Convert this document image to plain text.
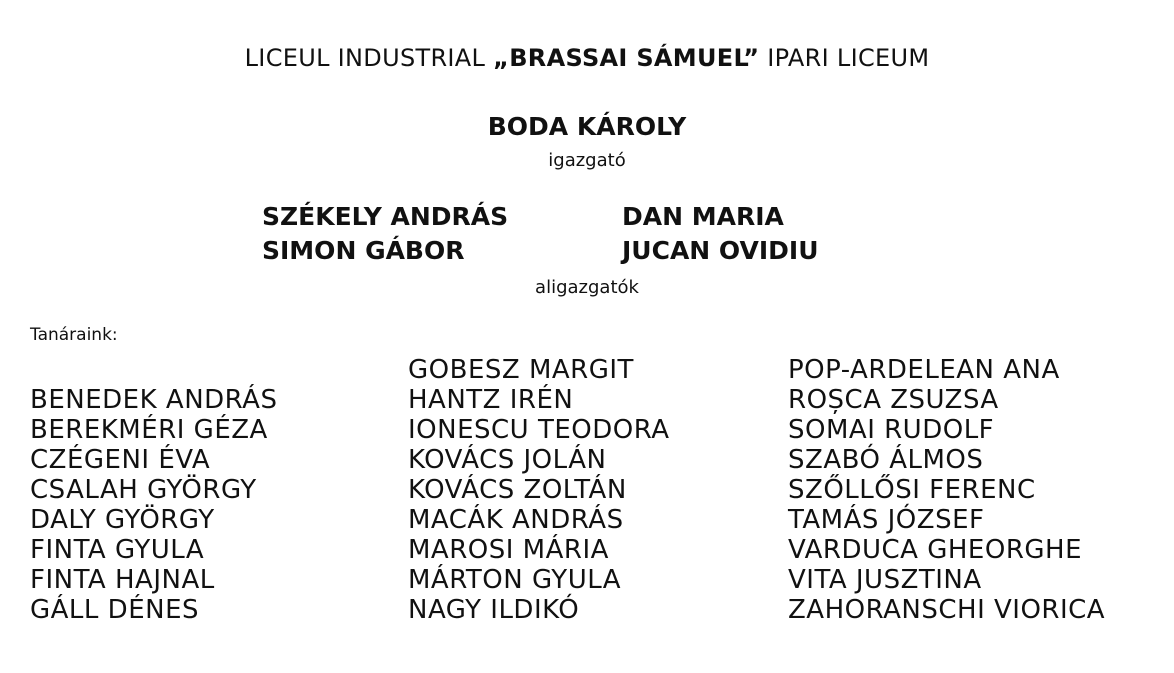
LICEUL INDUSTRIAL „BRASSAI SÁMUEL” IPARI LICEUM
BODA KÁROLY
igazgató
SZÉKELY ANDRÁS
SIMON GÁBOR
DAN MARIA
JUCAN OVIDIU
aligazgatók
Tanáraink:
BENEDEK ANDRÁS
BEREKMÉRI GÉZA
CZÉGENI ÉVA
CSALAH GYÖRGY
DALY GYÖRGY
FINTA GYULA
FINTA HAJNAL
GÁLL DÉNES
GOBESZ MARGIT
HANTZ IRÉN
IONESCU TEODORA
KOVÁCS JOLÁN
KOVÁCS ZOLTÁN
MACÁK ANDRÁS
MAROSI MÁRIA
MÁRTON GYULA
NAGY ILDIKÓ
POP-ARDELEAN ANA
ROȘCA ZSUZSA
SOMAI RUDOLF
SZABÓ ÁLMOS
SZŐLLŐSI FERENC
TAMÁS JÓZSEF
VARDUCA GHEORGHE
VITA JUSZTINA
ZAHORANSCHI VIORICA
